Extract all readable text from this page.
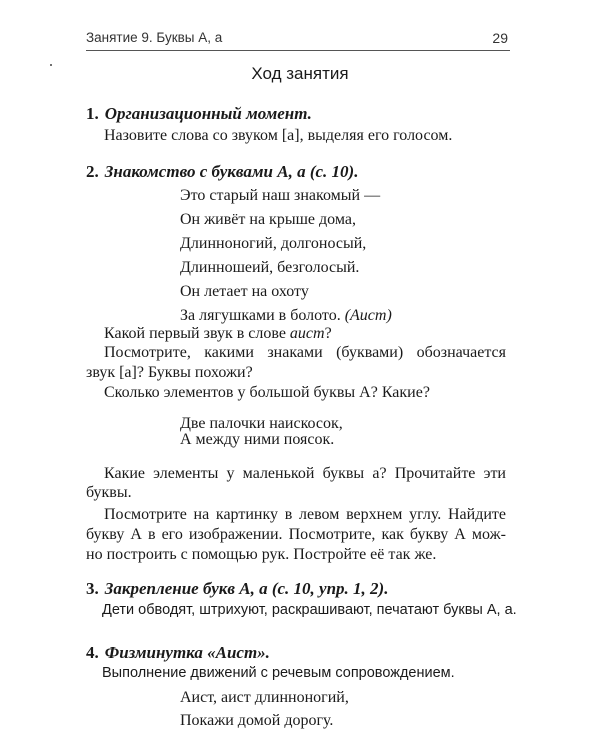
Занятие 9. Буквы А, а	29
Ход занятия
1. Организационный момент.
Назовите слова со звуком [а], выделяя его голосом.
2. Знакомство с буквами А, а (с. 10).
Это старый наш знакомый —
Он живёт на крыше дома,
Длинноногий, долгоносый,
Длинношеий, безголосый.
Он летает на охоту
За лягушками в болото. (Аист)
Какой первый звук в слове аист?
Посмотрите, какими знаками (буквами) обозначается
звук [а]? Буквы похожи?
Сколько элементов у большой буквы А? Какие?
Две палочки наискосок,
А между ними поясок.
Какие элементы у маленькой буквы а? Прочитайте эти
буквы.
Посмотрите на картинку в левом верхнем углу. Найдите
букву А в его изображении. Посмотрите, как букву А мож-
но построить с помощью рук. Постройте её так же.
3. Закрепление букв А, а (с. 10, упр. 1, 2).
Дети обводят, штрихуют, раскрашивают, печатают буквы А, а.
4. Физминутка «Аист».
Выполнение движений с речевым сопровождением.
Аист, аист длинноногий,
Покажи домой дорогу.
